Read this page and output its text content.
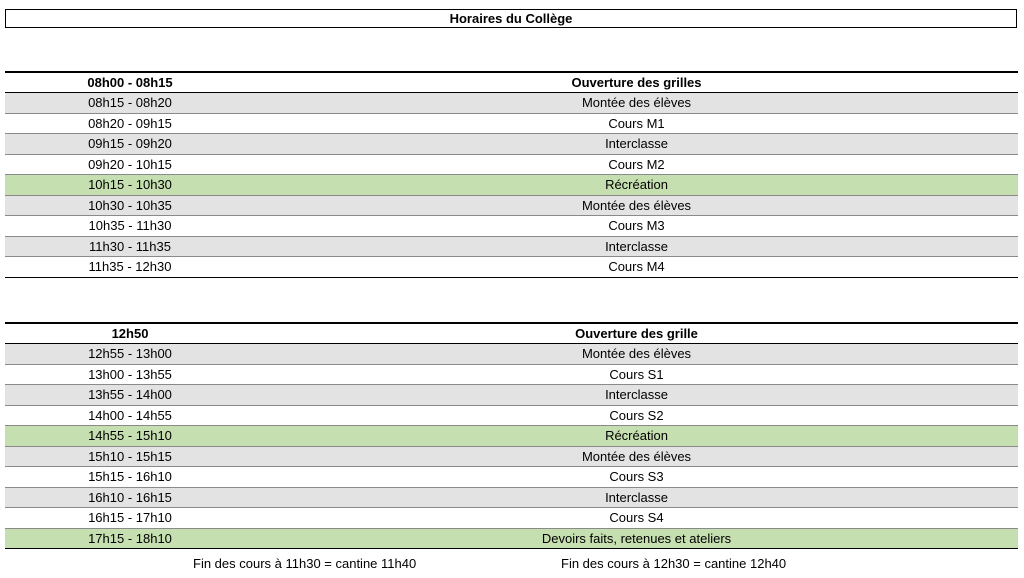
Horaires du Collège
08h00 - 08h15	Ouverture des grilles
08h15 - 08h20	Montée des élèves
08h20 - 09h15	Cours M1
09h15 - 09h20	Interclasse
09h20 - 10h15	Cours M2
10h15 - 10h30	Récréation
10h30 - 10h35	Montée des élèves
10h35 - 11h30	Cours M3
11h30 - 11h35	Interclasse
11h35 - 12h30	Cours M4
12h50	Ouverture des grille
12h55 - 13h00	Montée des élèves
13h00 - 13h55	Cours S1
13h55 - 14h00	Interclasse
14h00 - 14h55	Cours S2
14h55 - 15h10	Récréation
15h10 - 15h15	Montée des élèves
15h15 - 16h10	Cours S3
16h10 - 16h15	Interclasse
16h15 - 17h10	Cours S4
17h15 - 18h10	Devoirs faits, retenues et ateliers
Fin des cours à 11h30 = cantine 11h40	Fin des cours à 12h30 = cantine 12h40
